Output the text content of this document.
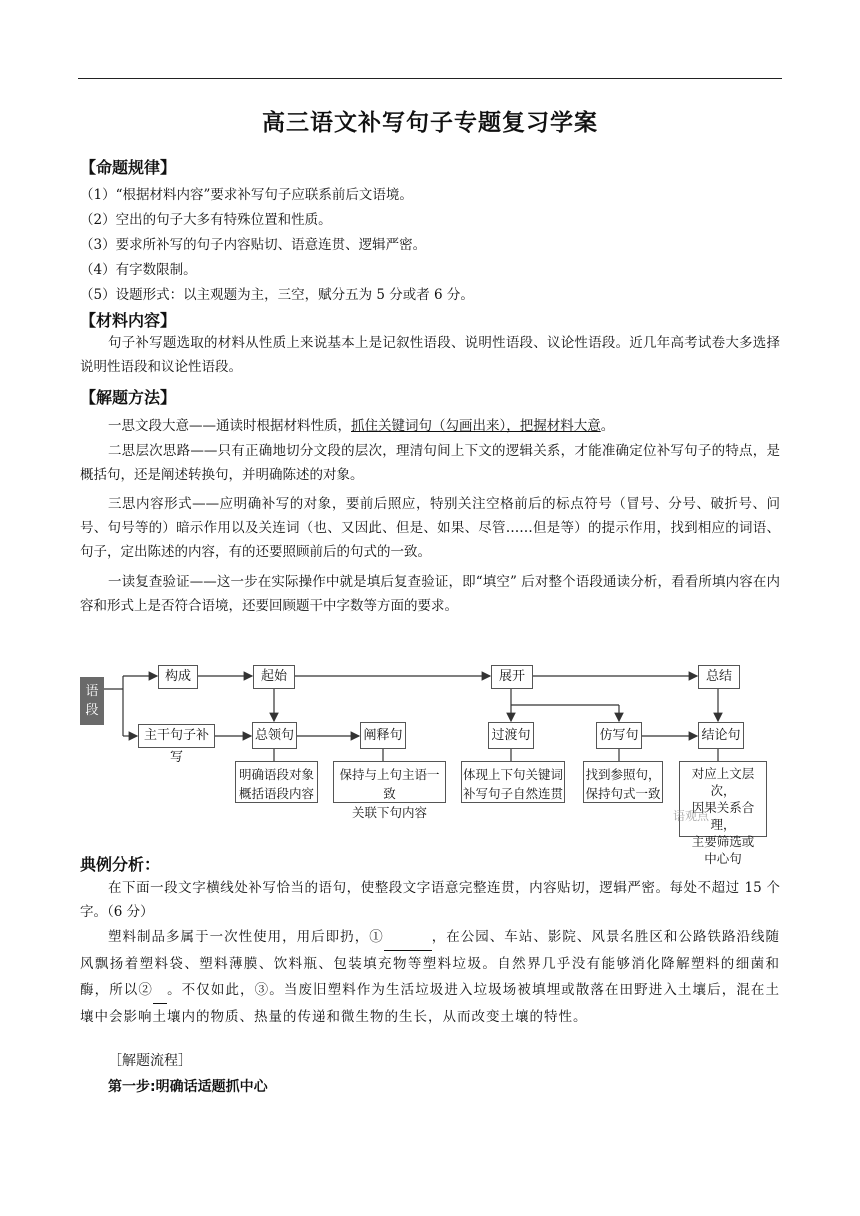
高三语文补写句子专题复习学案
【命题规律】
（1）“根据材料内容”要求补写句子应联系前后文语境。
（2）空出的句子大多有特殊位置和性质。
（3）要求所补写的句子内容贴切、语意连贯、逻辑严密。
（4）有字数限制。
（5）设题形式：以主观题为主，三空，赋分五为 5 分或者 6 分。
【材料内容】
句子补写题选取的材料从性质上来说基本上是记叙性语段、说明性语段、议论性语段。近几年高考试卷大多选择说明性语段和议论性语段。
【解题方法】
一思文段大意——通读时根据材料性质，抓住关键词句（勾画出来），把握材料大意。
二思层次思路——只有正确地切分文段的层次，理清句间上下文的逻辑关系，才能准确定位补写句子的特点，是概括句，还是阐述转换句，并明确陈述的对象。
三思内容形式——应明确补写的对象，要前后照应，特别关注空格前后的标点符号（冒号、分号、破折号、问号、句号等的）暗示作用以及关连词（也、又因此、但是、如果、尽管……但是等）的提示作用，找到相应的词语、句子，定出陈述的内容，有的还要照顾前后的句式的一致。
一读复查验证——这一步在实际操作中就是填后复查验证，即“填空” 后对整个语段通读分析，看看所填内容在内容和形式上是否符合语境，还要回顾题干中字数等方面的要求。
语段
构成	起始	展开	总结
主干句子补写
总领句	阐释句	过渡句	仿写句	结论句
明确语段对象
概括语段内容
保持与上句主语一致
关联下句内容
体现上下句关键词
补写句子自然连贯
找到参照句，
保持句式一致
对应上文层次，
因果关系合理，
主要筛选或
中心句
语观点
典例分析：
在下面一段文字横线处补写恰当的语句，使整段文字语意完整连贯，内容贴切，逻辑严密。每处不超过 15 个字。（6 分）
塑料制品多属于一次性使用，用后即扔，①	，在公园、车站、影院、风景名胜区和公路铁路沿线随风飘扬着塑料袋、塑料薄膜、饮料瓶、包装填充物等塑料垃圾。自然界几乎没有能够消化降解塑料的细菌和酶，所以② 。不仅如此，③。当废旧塑料作为生活垃圾进入垃圾场被填埋或散落在田野进入土壤后，混在土壤中会影响土壤内的物质、热量的传递和微生物的生长，从而改变土壤的特性。
［解题流程］
第一步:明确话适题抓中心
